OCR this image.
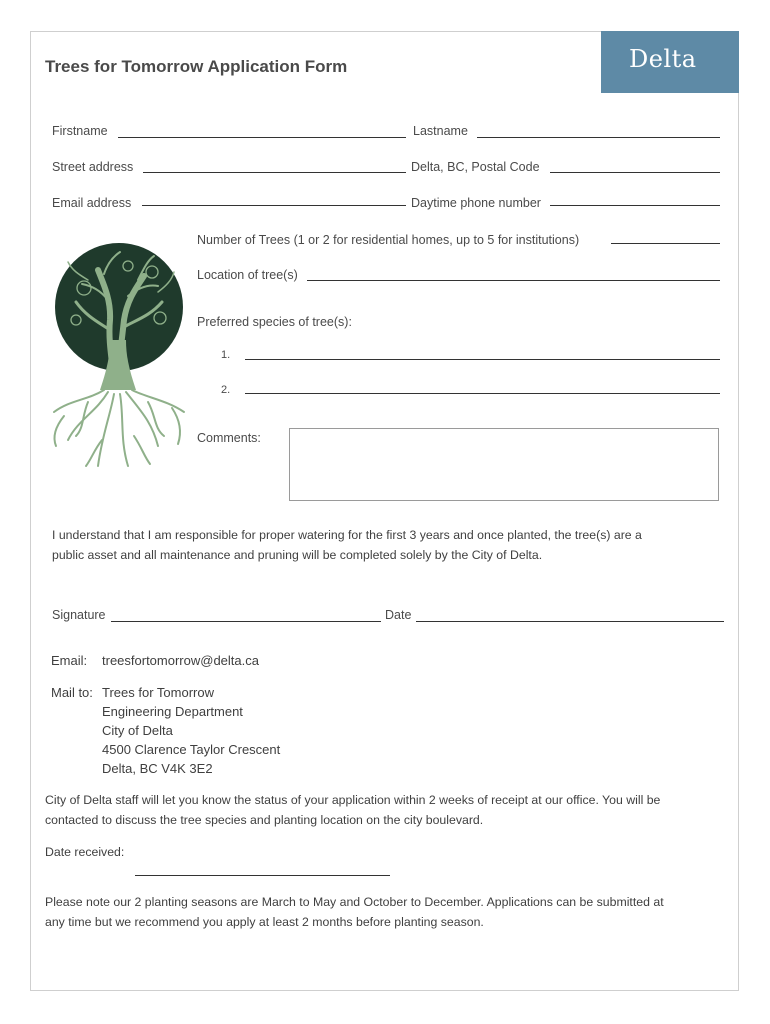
Trees for Tomorrow Application Form	Delta
Firstname	Lastname
Street address	Delta, BC, Postal Code
Email address	Daytime phone number
Number of Trees (1 or 2 for residential homes, up to 5 for institutions)
Location of tree(s)
Preferred species of tree(s):
1.
2.
Comments:
I understand that I am responsible for proper watering for the first 3 years and once planted, the tree(s) are a
public asset and all maintenance and pruning will be completed solely by the City of Delta.
Signature	Date
Email: treesfortomorrow@delta.ca
Mail to: Trees for Tomorrow
Engineering Department
City of Delta
4500 Clarence Taylor Crescent
Delta, BC V4K 3E2
City of Delta staff will let you know the status of your application within 2 weeks of receipt at our office. You will be
contacted to discuss the tree species and planting location on the city boulevard.
Date received:
Please note our 2 planting seasons are March to May and October to December. Applications can be submitted at
any time but we recommend you apply at least 2 months before planting season.
